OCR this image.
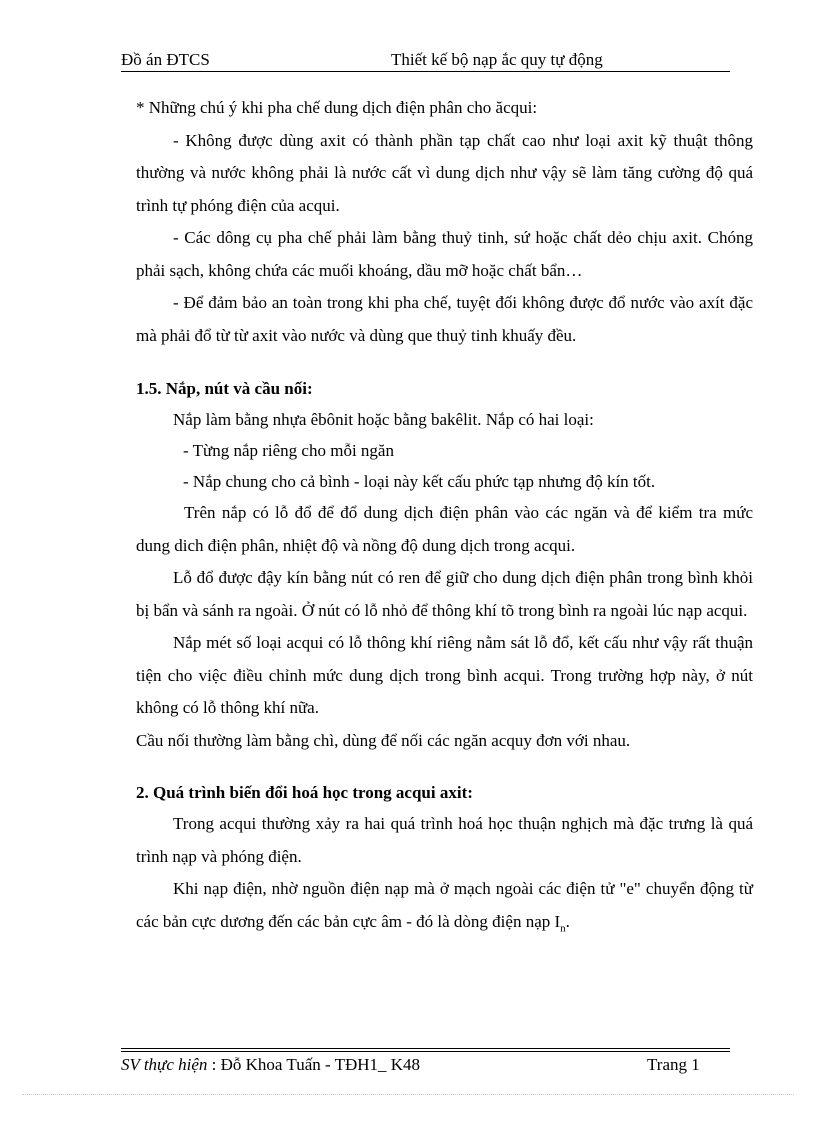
Đồ án ĐTCS	Thiết kế bộ nạp ắc quy tự động

* Những chú ý khi pha chế dung dịch điện phân cho ăcqui:

- Không được dùng axit có thành phần tạp chất cao như loại axit kỹ thuật thông thường và nước không phải là nước cất vì dung dịch như vậy sẽ làm tăng cường độ quá trình tự phóng điện của acqui.

- Các dông cụ pha chế phải làm bằng thuỷ tinh, sứ hoặc chất dẻo chịu axit. Chóng phải sạch, không chứa các muối khoáng, dầu mỡ hoặc chất bẩn…

- Để đảm bảo an toàn trong khi pha chế, tuyệt đối không được đổ nước vào axít đặc mà phải đổ từ từ axit vào nước và dùng que thuỷ tinh khuấy đều.

1.5. Nắp, nút và cầu nối:

Nắp làm bằng nhựa êbônit hoặc bằng bakêlit. Nắp có hai loại:

- Từng nắp riêng cho mỗi ngăn

- Nắp chung cho cả bình - loại này kết cấu phức tạp nhưng độ kín tốt.

Trên nắp có lỗ đổ để đổ dung dịch điện phân vào các ngăn và để kiểm tra mức dung dich điện phân, nhiệt độ và nồng độ dung dịch trong acqui.

Lỗ đổ được đậy kín bằng nút có ren để giữ cho dung dịch điện phân trong bình khỏi bị bẩn và sánh ra ngoài. Ở nút có lỗ nhỏ để thông khí tõ trong bình ra ngoài lúc nạp acqui.

Nắp mét số loại acqui có lỗ thông khí riêng nằm sát lỗ đổ, kết cấu như vậy rất thuận tiện cho việc điều chỉnh mức dung dịch trong bình acqui. Trong trường hợp này, ở nút không có lỗ thông khí nữa.

Cầu nối thường làm bằng chì, dùng để nối các ngăn acquy đơn với nhau.

2. Quá trình biến đổi hoá học trong acqui axit:

Trong acqui thường xảy ra hai quá trình hoá học thuận nghịch mà đặc trưng là quá trình nạp và phóng điện.

Khi nạp điện, nhờ nguồn điện nạp mà ở mạch ngoài các điện tử "e" chuyển động từ các bản cực dương đến các bản cực âm - đó là dòng điện nạp $I_n$.

SV thực hiện : Đỗ Khoa Tuấn - TĐH1_ K48	Trang 1
